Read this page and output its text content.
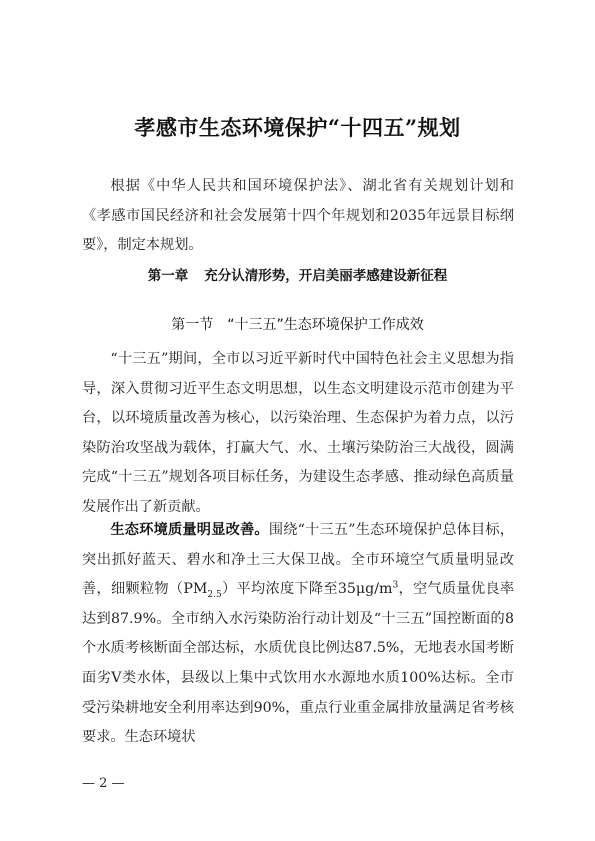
孝感市生态环境保护“十四五”规划

根据《中华人民共和国环境保护法》、湖北省有关规划计划和《孝感市国民经济和社会发展第十四个年规划和2035年远景目标纲要》，制定本规划。

第一章 充分认清形势，开启美丽孝感建设新征程
第一节 “十三五”生态环境保护工作成效

“十三五”期间，全市以习近平新时代中国特色社会主义思想为指导，深入贯彻习近平生态文明思想，以生态文明建设示范市创建为平台，以环境质量改善为核心，以污染治理、生态保护为着力点，以污染防治攻坚战为载体，打赢大气、水、土壤污染防治三大战役，圆满完成“十三五”规划各项目标任务，为建设生态孝感、推动绿色高质量发展作出了新贡献。

生态环境质量明显改善。围绕“十三五”生态环境保护总体目标，突出抓好蓝天、碧水和净土三大保卫战。全市环境空气质量明显改善，细颗粒物$(PM_{2.5})$平均浓度下降至$35\mu g/m^3$，空气质量优良率达到87.9%。全市纳入水污染防治行动计划及“十三五”国控断面的8个水质考核断面全部达标，水质优良比例达87.5%，无地表水国考断面劣Ⅴ类水体，县级以上集中式饮用水水源地水质100%达标。全市受污染耕地安全利用率达到90%，重点行业重金属排放量满足省考核要求。生态环境状

— 2 —
